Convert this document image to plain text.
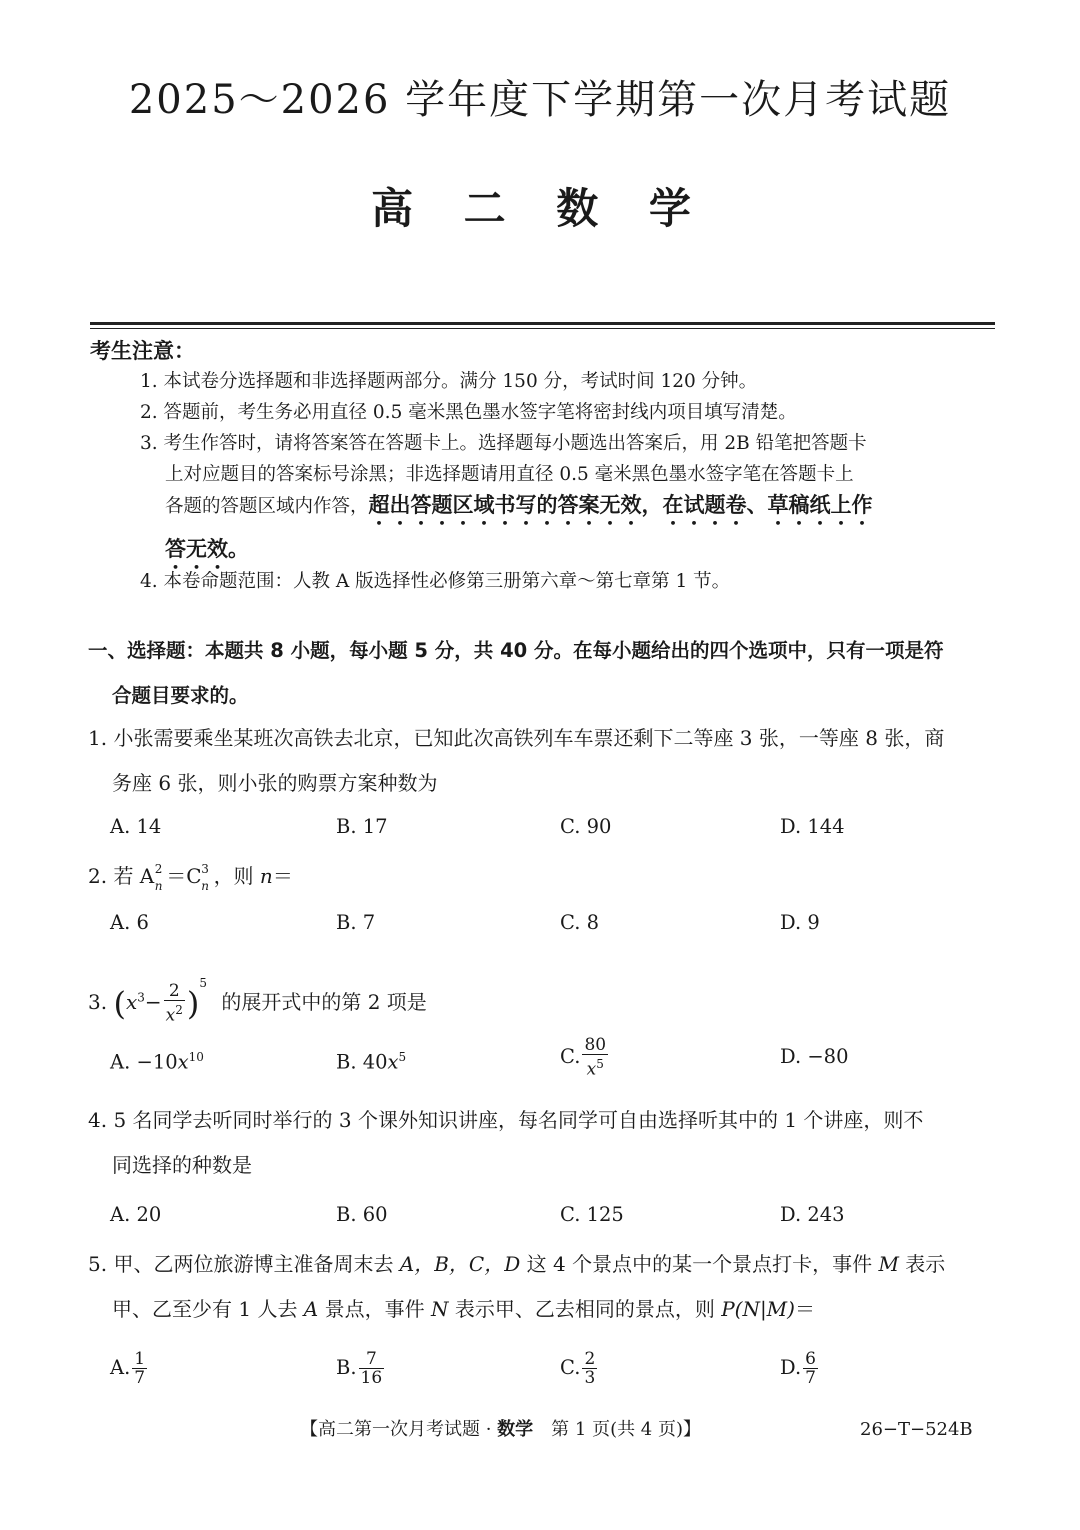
2025～2026 学年度下学期第一次月考试题
高 二 数 学
考生注意：
1. 本试卷分选择题和非选择题两部分。满分 150 分，考试时间 120 分钟。
2. 答题前，考生务必用直径 0.5 毫米黑色墨水签字笔将密封线内项目填写清楚。
3. 考生作答时，请将答案答在答题卡上。选择题每小题选出答案后，用 2B 铅笔把答题卡
上对应题目的答案标号涂黑；非选择题请用直径 0.5 毫米黑色墨水签字笔在答题卡上
各题的答题区域内作答，超出答题区域书写的答案无效，在试题卷、草稿纸上作
答无效。
4. 本卷命题范围：人教 A 版选择性必修第三册第六章～第七章第 1 节。
一、选择题：本题共 8 小题，每小题 5 分，共 40 分。在每小题给出的四个选项中，只有一项是符
合题目要求的。
1. 小张需要乘坐某班次高铁去北京，已知此次高铁列车车票还剩下二等座 3 张，一等座 8 张，商
务座 6 张，则小张的购票方案种数为
A. 14	B. 17	C. 90	D. 144
2. 若 A 2
n ＝C 3
n ，则 n＝
A. 6	B. 7	C. 8	D. 9
3. $(x^3- \frac{2}{x^2} )^5$ 的展开式中的第 2 项是
A. $-10x^{10}$	B. $40x^5$	C. $\frac{80}{x^5}$	D. −80
4. 5 名同学去听同时举行的 3 个课外知识讲座，每名同学可自由选择听其中的 1 个讲座，则不
同选择的种数是
A. 20	B. 60	C. 125	D. 243
5. 甲、乙两位旅游博主准备周末去 A，B，C，D 这 4 个景点中的某一个景点打卡，事件 M 表示
甲、乙至少有 1 人去 A 景点，事件 N 表示甲、乙去相同的景点，则 P(N|M)＝
A. $\frac{1}{7}$	B. $\frac{7}{16}$	C. $\frac{2}{3}$	D. $\frac{6}{7}$
【高二第一次月考试题 · 数学　第 1 页(共 4 页)】	26−T−524B
